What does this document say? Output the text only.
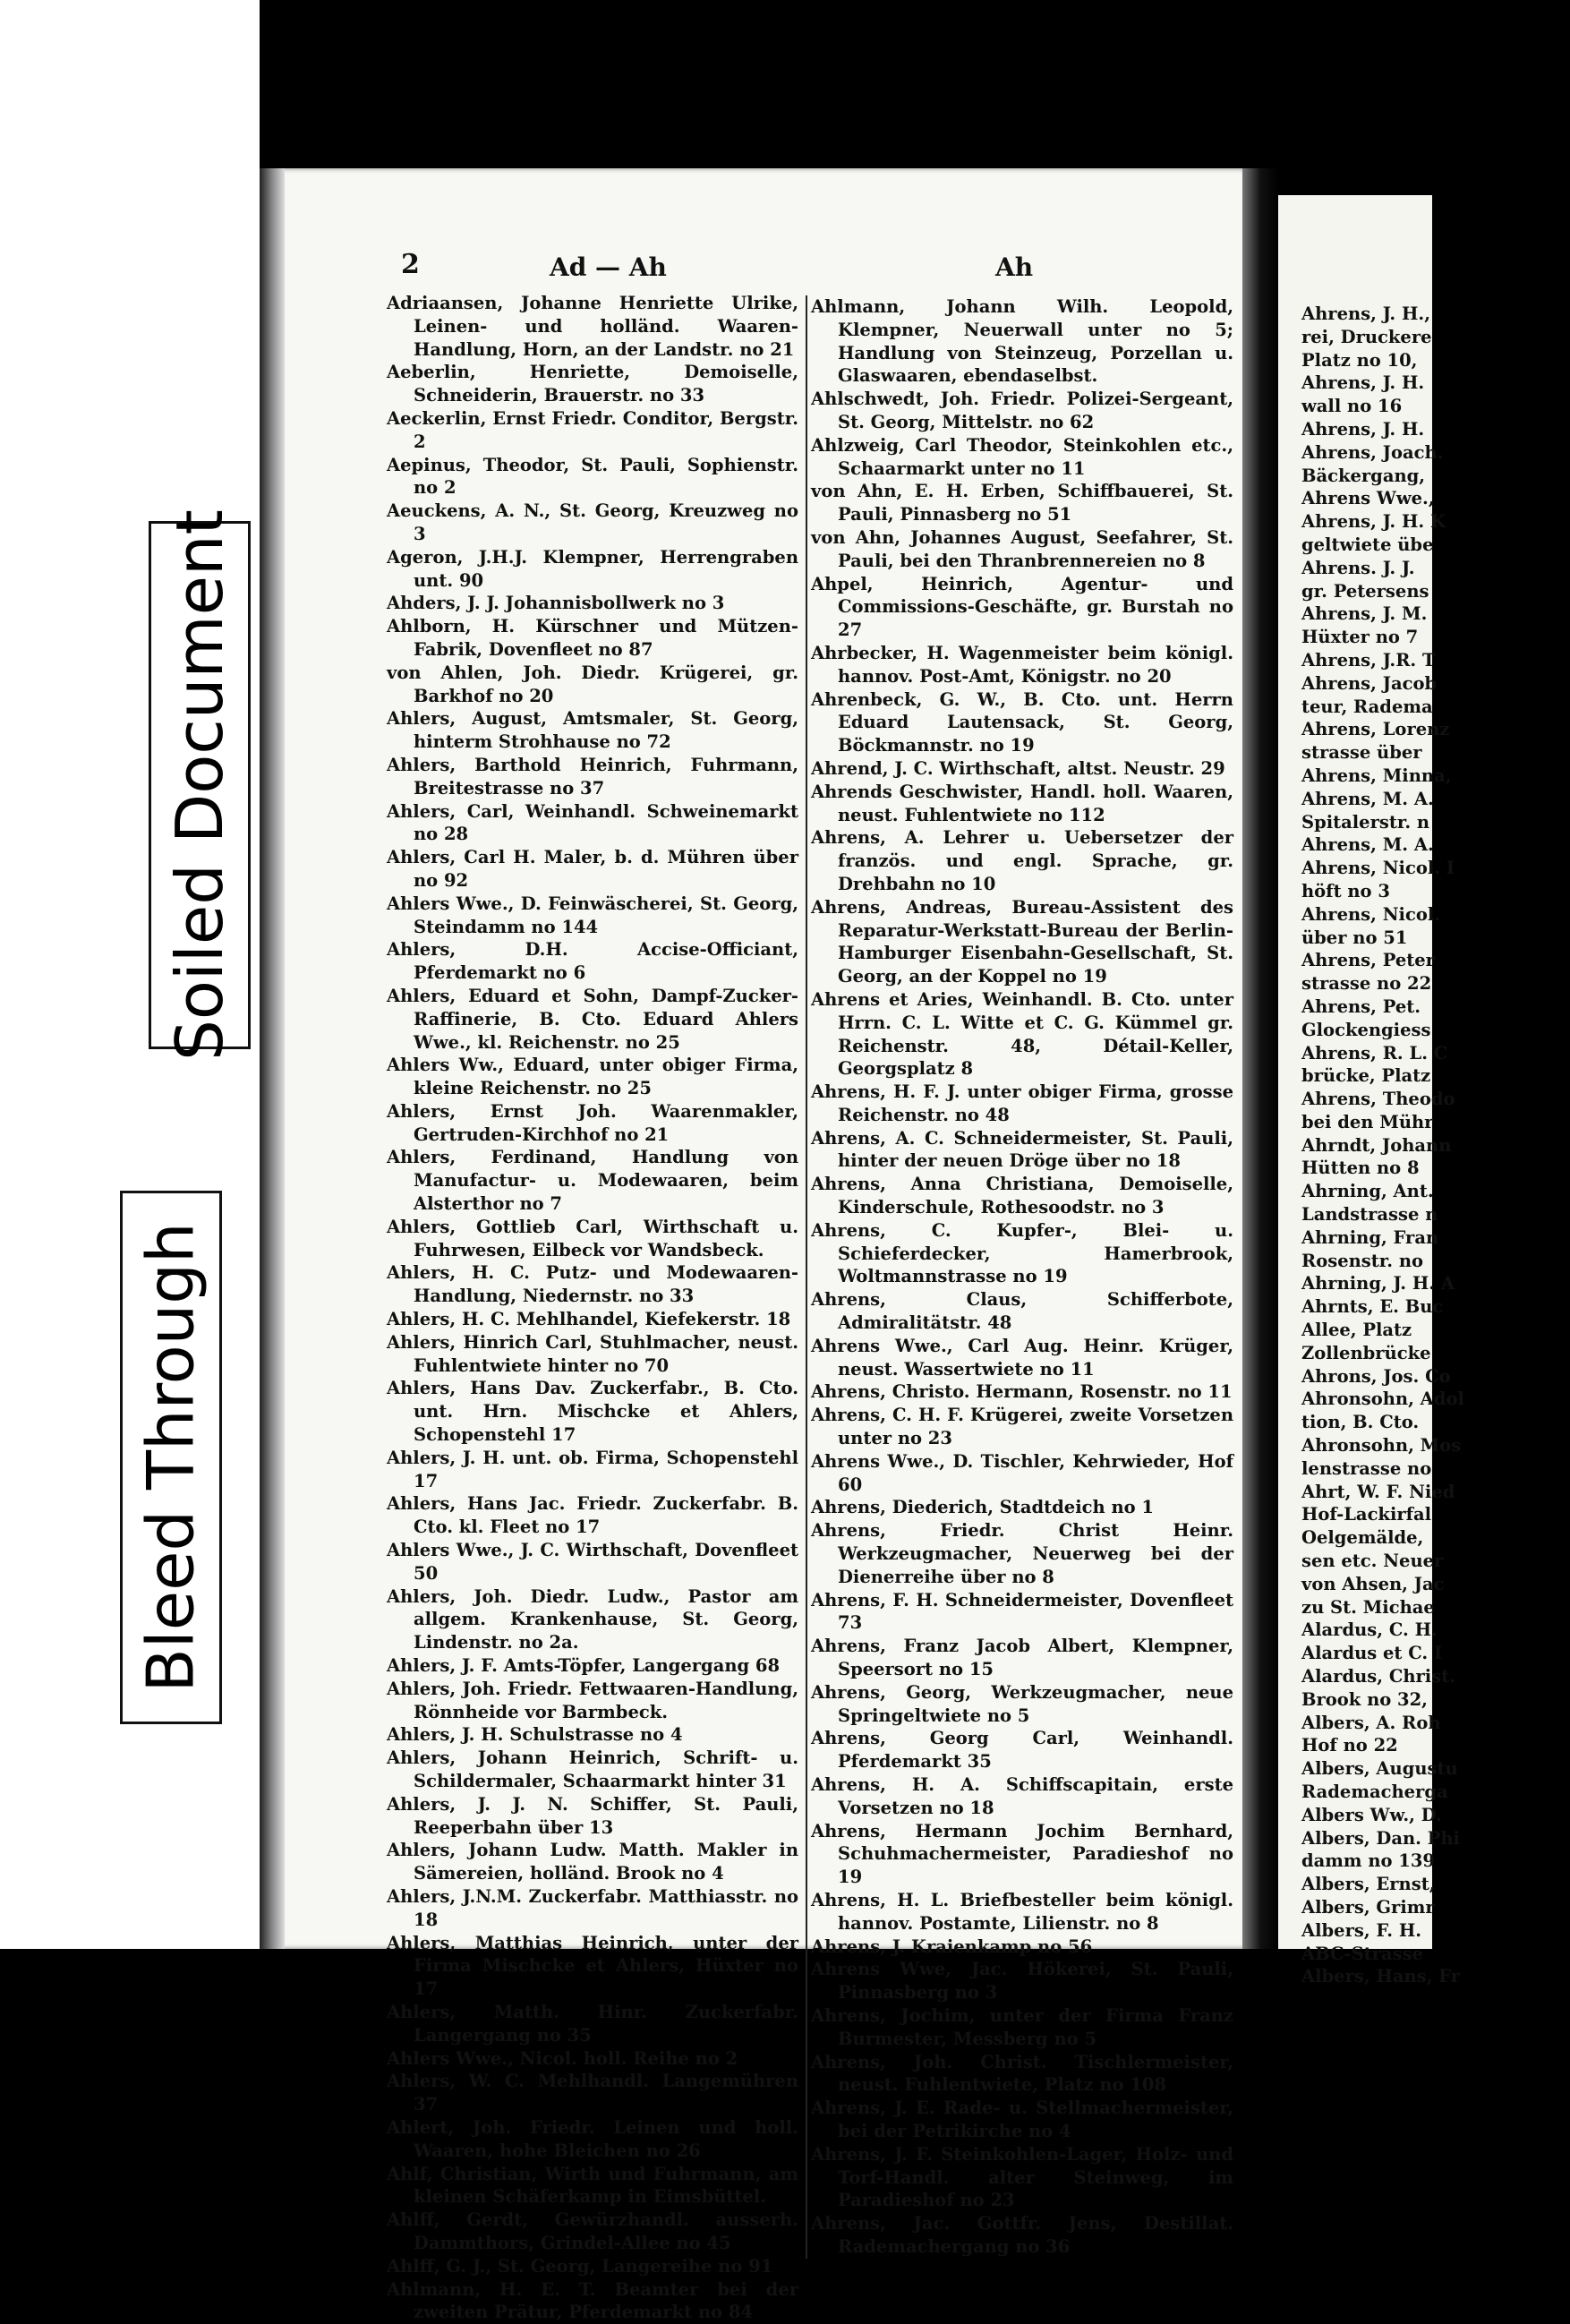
Soiled Document
Bleed Through
2	Ad — Ah	Ah

Adriaansen, Johanne Henriette Ulrike, Leinen- und holländ. Waaren-Handlung, Horn, an der Landstr. no 21

Aeberlin, Henriette, Demoiselle, Schneiderin, Brauerstr. no 33

Aeckerlin, Ernst Friedr. Conditor, Bergstr. 2

Aepinus, Theodor, St. Pauli, Sophienstr. no 2

Aeuckens, A. N., St. Georg, Kreuzweg no 3

Ageron, J.H.J. Klempner, Herrengraben unt. 90

Ahders, J. J. Johannisbollwerk no 3

Ahlborn, H. Kürschner und Mützen-Fabrik, Dovenfleet no 87

von Ahlen, Joh. Diedr. Krügerei, gr. Barkhof no 20

Ahlers, August, Amtsmaler, St. Georg, hinterm Strohhause no 72

Ahlers, Barthold Heinrich, Fuhrmann, Breitestrasse no 37

Ahlers, Carl, Weinhandl. Schweinemarkt no 28

Ahlers, Carl H. Maler, b. d. Mühren über no 92

Ahlers Wwe., D. Feinwäscherei, St. Georg, Steindamm no 144

Ahlers, D.H. Accise-Officiant, Pferdemarkt no 6

Ahlers, Eduard et Sohn, Dampf-Zucker-Raffinerie, B. Cto. Eduard Ahlers Wwe., kl. Reichenstr. no 25

Ahlers Ww., Eduard, unter obiger Firma, kleine Reichenstr. no 25

Ahlers, Ernst Joh. Waarenmakler, Gertruden-Kirchhof no 21

Ahlers, Ferdinand, Handlung von Manufactur- u. Modewaaren, beim Alsterthor no 7

Ahlers, Gottlieb Carl, Wirthschaft u. Fuhrwesen, Eilbeck vor Wandsbeck.

Ahlers, H. C. Putz- und Modewaaren-Handlung, Niedernstr. no 33

Ahlers, H. C. Mehlhandel, Kiefekerstr. 18

Ahlers, Hinrich Carl, Stuhlmacher, neust. Fuhlentwiete hinter no 70

Ahlers, Hans Dav. Zuckerfabr., B. Cto. unt. Hrn. Mischcke et Ahlers, Schopenstehl 17

Ahlers, J. H. unt. ob. Firma, Schopenstehl 17

Ahlers, Hans Jac. Friedr. Zuckerfabr. B. Cto. kl. Fleet no 17

Ahlers Wwe., J. C. Wirthschaft, Dovenfleet 50

Ahlers, Joh. Diedr. Ludw., Pastor am allgem. Krankenhause, St. Georg, Lindenstr. no 2a.

Ahlers, J. F. Amts-Töpfer, Langergang 68

Ahlers, Joh. Friedr. Fettwaaren-Handlung, Rönnheide vor Barmbeck.

Ahlers, J. H. Schulstrasse no 4

Ahlers, Johann Heinrich, Schrift- u. Schildermaler, Schaarmarkt hinter 31

Ahlers, J. J. N. Schiffer, St. Pauli, Reeperbahn über 13

Ahlers, Johann Ludw. Matth. Makler in Sämereien, holländ. Brook no 4

Ahlers, J.N.M. Zuckerfabr. Matthiasstr. no 18

Ahlers, Matthias Heinrich, unter der Firma Mischcke et Ahlers, Hüxter no 17

Ahlers, Matth. Hinr. Zuckerfabr. Langergang no 35

Ahlers Wwe., Nicol. holl. Reihe no 2

Ahlers, W. C. Mehlhandl. Langemühren 37

Ahlert, Joh. Friedr. Leinen und holl. Waaren, hohe Bleichen no 26

Ahlf, Christian, Wirth und Fuhrmann, am kleinen Schäferkamp in Eimsbüttel.

Ahlff, Gerdt, Gewürzhandl. ausserh. Dammthors, Grindel-Allee no 45

Ahlff, G. J., St. Georg, Langereihe no 91

Ahlmann, H. E. T. Beamter bei der zweiten Prätur, Pferdemarkt no 84

Ahlmann, Johann Wilh. Leopold, Klempner, Neuerwall unter no 5; Handlung von Steinzeug, Porzellan u. Glaswaaren, ebendaselbst.

Ahlschwedt, Joh. Friedr. Polizei-Sergeant, St. Georg, Mittelstr. no 62

Ahlzweig, Carl Theodor, Steinkohlen etc., Schaarmarkt unter no 11

von Ahn, E. H. Erben, Schiffbauerei, St. Pauli, Pinnasberg no 51

von Ahn, Johannes August, Seefahrer, St. Pauli, bei den Thranbrennereien no 8

Ahpel, Heinrich, Agentur- und Commissions-Geschäfte, gr. Burstah no 27

Ahrbecker, H. Wagenmeister beim königl. hannov. Post-Amt, Königstr. no 20

Ahrenbeck, G. W., B. Cto. unt. Herrn Eduard Lautensack, St. Georg, Böckmannstr. no 19

Ahrend, J. C. Wirthschaft, altst. Neustr. 29

Ahrends Geschwister, Handl. holl. Waaren, neust. Fuhlentwiete no 112

Ahrens, A. Lehrer u. Uebersetzer der französ. und engl. Sprache, gr. Drehbahn no 10

Ahrens, Andreas, Bureau-Assistent des Reparatur-Werkstatt-Bureau der Berlin-Hamburger Eisenbahn-Gesellschaft, St. Georg, an der Koppel no 19

Ahrens et Aries, Weinhandl. B. Cto. unter Hrrn. C. L. Witte et C. G. Kümmel gr. Reichenstr. 48, Détail-Keller, Georgsplatz 8

Ahrens, H. F. J. unter obiger Firma, grosse Reichenstr. no 48

Ahrens, A. C. Schneidermeister, St. Pauli, hinter der neuen Dröge über no 18

Ahrens, Anna Christiana, Demoiselle, Kinderschule, Rothesoodstr. no 3

Ahrens, C. Kupfer-, Blei- u. Schieferdecker, Hamerbrook, Woltmannstrasse no 19

Ahrens, Claus, Schifferbote, Admiralitätstr. 48

Ahrens Wwe., Carl Aug. Heinr. Krüger, neust. Wassertwiete no 11

Ahrens, Christo. Hermann, Rosenstr. no 11

Ahrens, C. H. F. Krügerei, zweite Vorsetzen unter no 23

Ahrens Wwe., D. Tischler, Kehrwieder, Hof 60

Ahrens, Diederich, Stadtdeich no 1

Ahrens, Friedr. Christ Heinr. Werkzeugmacher, Neuerweg bei der Dienerreihe über no 8

Ahrens, F. H. Schneidermeister, Dovenfleet 73

Ahrens, Franz Jacob Albert, Klempner, Speersort no 15

Ahrens, Georg, Werkzeugmacher, neue Springeltwiete no 5

Ahrens, Georg Carl, Weinhandl. Pferdemarkt 35

Ahrens, H. A. Schiffscapitain, erste Vorsetzen no 18

Ahrens, Hermann Jochim Bernhard, Schuhmachermeister, Paradieshof no 19

Ahrens, H. L. Briefbesteller beim königl. hannov. Postamte, Lilienstr. no 8

Ahrens, J. Kraienkamp no 56

Ahrens Wwe, Jac. Hökerei, St. Pauli, Pinnasberg no 3

Ahrens, Jochim, unter der Firma Franz Burmester, Messberg no 5

Ahrens, Joh. Christ. Tischlermeister, neust. Fuhlentwiete, Platz no 108

Ahrens, J. E. Rade- u. Stellmachermeister, bei der Petrikirche no 4

Ahrens, J. F. Steinkohlen-Lager, Holz- und Torf-Handl. alter Steinweg, im Paradieshof no 23

Ahrens, Jac. Gottfr. Jens, Destillat. Rademachergang no 36

Ahrens, J. H.,

rei, Druckere

Platz no 10,

Ahrens, J. H.

wall no 16

Ahrens, J. H.

Ahrens, Joach.

Bäckergang,

Ahrens Wwe.,

Ahrens, J. H. K

geltwiete übe

Ahrens. J. J.

gr. Petersens

Ahrens, J. M.

Hüxter no 7

Ahrens, J.R. T

Ahrens, Jacob

teur, Radema

Ahrens, Lorenz

strasse über

Ahrens, Minna,

Ahrens, M. A.

Spitalerstr. n

Ahrens, M. A.

Ahrens, Nicol. I

höft no 3

Ahrens, Nicol.

über no 51

Ahrens, Peter

strasse no 22

Ahrens, Pet.

Glockengiess

Ahrens, R. L. C

brücke, Platz

Ahrens, Theodo

bei den Mühr

Ahrndt, Johann

Hütten no 8

Ahrning, Ant.

Landstrasse n

Ahrning, Fran

Rosenstr. no

Ahrning, J. H. A

Ahrnts, E. Buc

Allee, Platz

Zollenbrücke

Ahrons, Jos. Co

Ahronsohn, Adol

tion, B. Cto.

Ahronsohn, Mos

lenstrasse no

Ahrt, W. F. Nied

Hof-Lackirfal

Oelgemälde,

sen etc. Neuer

von Ahsen, Jac

zu St. Michae

Alardus, C. H.

Alardus et C. I

Alardus, Christ.

Brook no 32,

Albers, A. Roh

Hof no 22

Albers, Augustu

Rademachergа

Albers Ww., D.

Albers, Dan. Phi

damm no 139

Albers, Ernst,

Albers, Grimr

Albers, F. H.

ABC-Strasse

Albers, Hans, Fr
